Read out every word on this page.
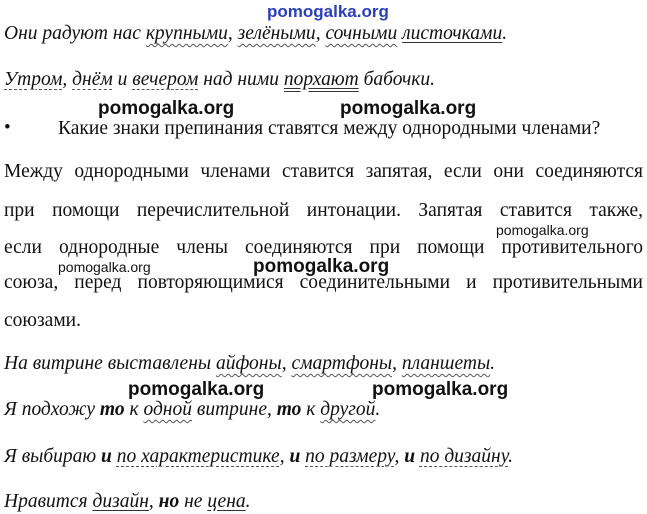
pomogalka.org
pomogalka.org	pomogalka.org
pomogalka.org
pomogalka.org	pomogalka.org
pomogalka.org	pomogalka.org
Они радуют нас крупными, зелёными, сочными листочками.
Утром, днём и вечером над ними порхают бабочки.
• Какие знаки препинания ставятся между однородными членами?
Между однородными членами ставится запятая, если они соединяются
при помощи перечислительной интонации. Запятая ставится также,
если однородные члены соединяются при помощи противительного
союза, перед повторяющимися соединительными и противительными
союзами.
На витрине выставлены айфоны, смартфоны, планшеты.
Я подхожу то к одной витрине, то к другой.
Я выбираю и по характеристике, и по размеру, и по дизайну.
Нравится дизайн, но не цена.
